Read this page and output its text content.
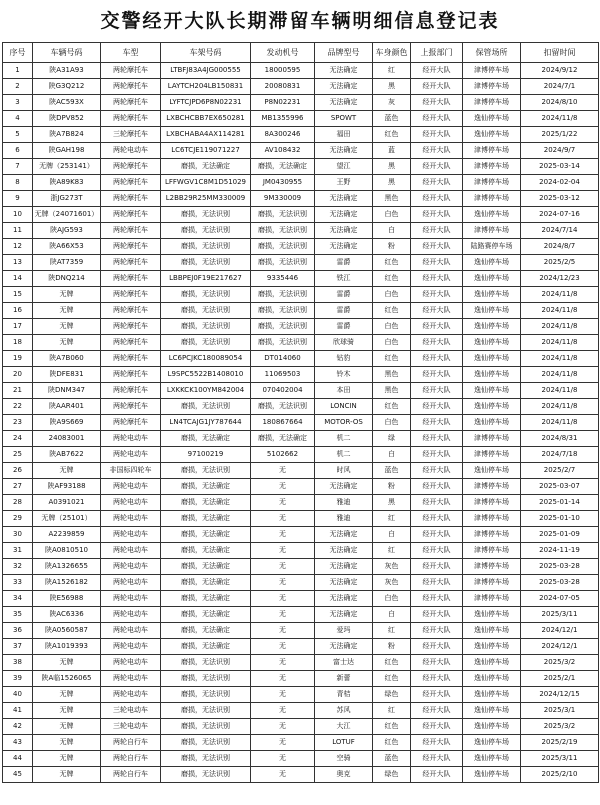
交警经开大队长期滞留车辆明细信息登记表
序号	车辆号码	车型	车架号码	发动机号	品牌型号	车身颜色	上报部门	保管场所	扣留时间
1	陕A31A93	两轮摩托车	LTBFJ83A4JG000555	18000595	无法确定	红	经开大队	津博停车场	2024/9/12
2	陕G3Q212	两轮摩托车	LAYTCH204LB150831	20080831	无法确定	黑	经开大队	津博停车场	2024/7/1
3	陕AC593X	两轮摩托车	LYFTCJPD6P8N02231	P8N02231	无法确定	灰	经开大队	津博停车场	2024/8/10
4	陕DPV852	两轮摩托车	LXBCHCBB7EX650281	MB1355996	SPOWT	蓝色	经开大队	逸仙停车场	2024/11/8
5	陕A7B824	三轮摩托车	LXBCHABA4AX114281	8A300246	福田	红色	经开大队	逸仙停车场	2025/1/22
6	陕GAH198	两轮电动车	LC6TCJE119071227	AV108432	无法确定	蓝	经开大队	津博停车场	2024/9/7
7	无牌（253141）	两轮摩托车	磨损，无法确定	磨损，无法确定	望江	黑	经开大队	津博停车场	2025-03-14
8	陕A89K83	两轮摩托车	LFFWGV1C8M1D51029	JM0430955	王野	黑	经开大队	津博停车场	2024-02-04
9	浙JG273T	两轮摩托车	L2BB29R25MM330009	9M330009	无法确定	黑色	经开大队	津博停车场	2025-03-12
10	无牌（24071601）	两轮摩托车	磨损，无法识别	磨损，无法识别	无法确定	白色	经开大队	逸仙停车场	2024-07-16
11	陕AJG593	两轮摩托车	磨损，无法识别	磨损，无法识别	无法确定	白	经开大队	津博停车场	2024/7/14
12	陕A66X53	两轮摩托车	磨损，无法识别	磨损，无法识别	无法确定	粉	经开大队	陆路赛停车场	2024/8/7
13	陕AT7359	两轮摩托车	磨损，无法识别	磨损，无法识别	雷爵	红色	经开大队	逸仙停车场	2025/2/5
14	陕DNQ214	两轮摩托车	LBBPEJ0F19E217627	9335446	铁江	红色	经开大队	逸仙停车场	2024/12/23
15	无牌	两轮摩托车	磨损，无法识别	磨损，无法识别	雷爵	白色	经开大队	逸仙停车场	2024/11/8
16	无牌	两轮摩托车	磨损，无法识别	磨损，无法识别	雷爵	红色	经开大队	逸仙停车场	2024/11/8
17	无牌	两轮摩托车	磨损，无法识别	磨损，无法识别	雷爵	白色	经开大队	逸仙停车场	2024/11/8
18	无牌	两轮摩托车	磨损，无法识别	磨损，无法识别	欣球骑	白色	经开大队	逸仙停车场	2024/11/8
19	陕A7B060	两轮摩托车	LC6PCJKC180089054	DT014060	钻豹	红色	经开大队	逸仙停车场	2024/11/8
20	陕DFE831	两轮摩托车	L9SPC5522B1408010	11069503	铃木	黑色	经开大队	逸仙停车场	2024/11/8
21	陕DNM347	两轮摩托车	LXKKCK100YM842004	070402004	本田	黑色	经开大队	逸仙停车场	2024/11/8
22	陕AAR401	两轮摩托车	磨损，无法识别	磨损，无法识别	LONCIN	红色	经开大队	逸仙停车场	2024/11/8
23	陕A9S669	两轮摩托车	LN4TCAJG1JY787644	180867664	MOTOR-OS	白色	经开大队	逸仙停车场	2024/11/8
24	24083001	两轮电动车	磨损，无法确定	磨损，无法确定	机二	绿	经开大队	津博停车场	2024/8/31
25	陕AB7622	两轮电动车	97100219	5102662	机二	白	经开大队	津博停车场	2024/7/18
26	无牌	非国标四轮车	磨损，无法识别	无	时风	蓝色	经开大队	逸仙停车场	2025/2/7
27	陕AF93188	两轮电动车	磨损，无法确定	无	无法确定	粉	经开大队	津博停车场	2025-03-07
28	A0391021	两轮电动车	磨损，无法确定	无	雅迪	黑	经开大队	津博停车场	2025-01-14
29	无牌（25101）	两轮电动车	磨损，无法确定	无	雅迪	红	经开大队	津博停车场	2025-01-10
30	A2239859	两轮电动车	磨损，无法确定	无	无法确定	白	经开大队	津博停车场	2025-01-09
31	陕A0810510	两轮电动车	磨损，无法确定	无	无法确定	红	经开大队	津博停车场	2024-11-19
32	陕A1326655	两轮电动车	磨损，无法确定	无	无法确定	灰色	经开大队	津博停车场	2025-03-28
33	陕A1526182	两轮电动车	磨损，无法确定	无	无法确定	灰色	经开大队	津博停车场	2025-03-28
34	陕E56988	两轮电动车	磨损，无法确定	无	无法确定	白色	经开大队	津博停车场	2024-07-05
35	陕AC6336	两轮电动车	磨损，无法确定	无	无法确定	白	经开大队	逸仙停车场	2025/3/11
36	陕A0560587	两轮电动车	磨损，无法确定	无	爱玛	红	经开大队	逸仙停车场	2024/12/1
37	陕A1019393	两轮电动车	磨损，无法确定	无	无法确定	粉	经开大队	逸仙停车场	2024/12/1
38	无牌	两轮电动车	磨损，无法识别	无	富士达	红色	经开大队	逸仙停车场	2025/3/2
39	陕A临1526065	两轮电动车	磨损，无法识别	无	新蕾	红色	经开大队	逸仙停车场	2025/2/1
40	无牌	两轮电动车	磨损，无法识别	无	青桔	绿色	经开大队	逸仙停车场	2024/12/15
41	无牌	三轮电动车	磨损，无法识别	无	苏风	红	经开大队	逸仙停车场	2025/3/1
42	无牌	三轮电动车	磨损，无法识别	无	大江	红色	经开大队	逸仙停车场	2025/3/2
43	无牌	两轮自行车	磨损，无法识别	无	LOTUF	红色	经开大队	逸仙停车场	2025/2/19
44	无牌	两轮自行车	磨损，无法识别	无	空骑	蓝色	经开大队	逸仙停车场	2025/3/11
45	无牌	两轮自行车	磨损，无法识别	无	奥克	绿色	经开大队	逸仙停车场	2025/2/10
